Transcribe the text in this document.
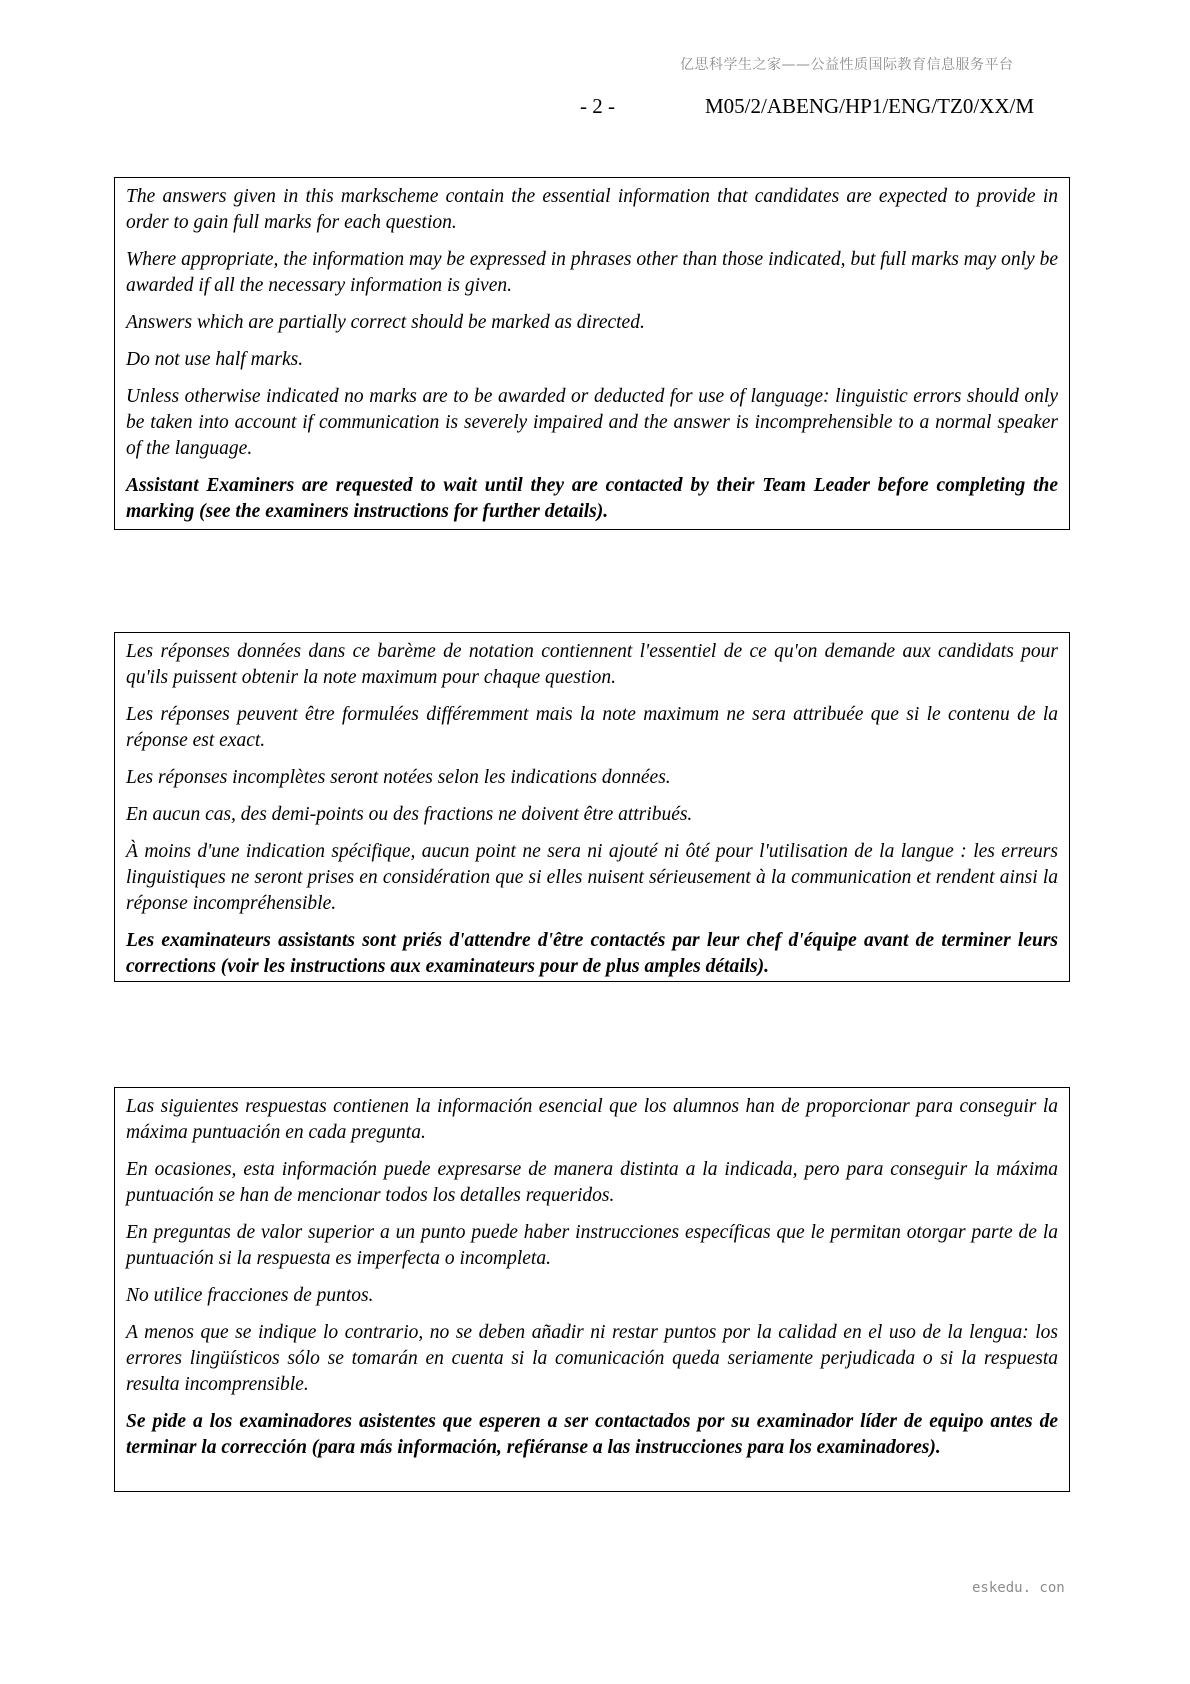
亿思科学生之家——公益性质国际教育信息服务平台
- 2 -	M05/2/ABENG/HP1/ENG/TZ0/XX/M

The answers given in this markscheme contain the essential information that candidates are expected to provide in order to gain full marks for each question.

Where appropriate, the information may be expressed in phrases other than those indicated, but full marks may only be awarded if all the necessary information is given.

Answers which are partially correct should be marked as directed.

Do not use half marks.

Unless otherwise indicated no marks are to be awarded or deducted for use of language: linguistic errors should only be taken into account if communication is severely impaired and the answer is incomprehensible to a normal speaker of the language.

Assistant Examiners are requested to wait until they are contacted by their Team Leader before completing the marking (see the examiners instructions for further details).

Les réponses données dans ce barème de notation contiennent l'essentiel de ce qu'on demande aux candidats pour qu'ils puissent obtenir la note maximum pour chaque question.

Les réponses peuvent être formulées différemment mais la note maximum ne sera attribuée que si le contenu de la réponse est exact.

Les réponses incomplètes seront notées selon les indications données.

En aucun cas, des demi-points ou des fractions ne doivent être attribués.

À moins d'une indication spécifique, aucun point ne sera ni ajouté ni ôté pour l'utilisation de la langue : les erreurs linguistiques ne seront prises en considération que si elles nuisent sérieusement à la communication et rendent ainsi la réponse incompréhensible.

Les examinateurs assistants sont priés d'attendre d'être contactés par leur chef d'équipe avant de terminer leurs corrections (voir les instructions aux examinateurs pour de plus amples détails).

Las siguientes respuestas contienen la información esencial que los alumnos han de proporcionar para conseguir la máxima puntuación en cada pregunta.

En ocasiones, esta información puede expresarse de manera distinta a la indicada, pero para conseguir la máxima puntuación se han de mencionar todos los detalles requeridos.

En preguntas de valor superior a un punto puede haber instrucciones específicas que le permitan otorgar parte de la puntuación si la respuesta es imperfecta o incompleta.

No utilice fracciones de puntos.

A menos que se indique lo contrario, no se deben añadir ni restar puntos por la calidad en el uso de la lengua: los errores lingüísticos sólo se tomarán en cuenta si la comunicación queda seriamente perjudicada o si la respuesta resulta incomprensible.

Se pide a los examinadores asistentes que esperen a ser contactados por su examinador líder de equipo antes de terminar la corrección (para más información, refiéranse a las instrucciones para los examinadores).

eskedu. con
